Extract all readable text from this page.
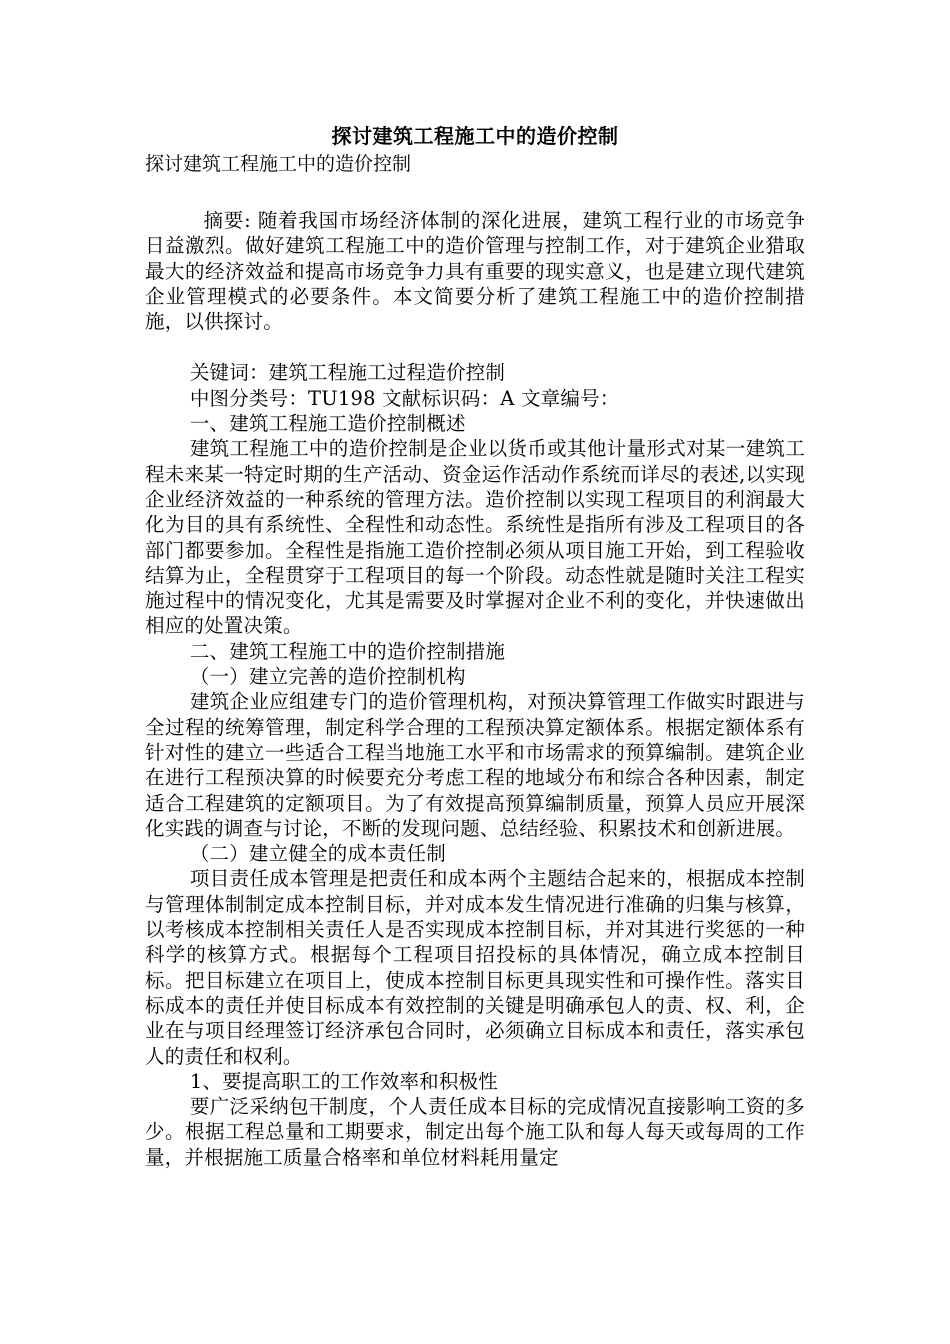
探讨建筑工程施工中的造价控制

探讨建筑工程施工中的造价控制

摘要: 随着我国市场经济体制的深化进展，建筑工程行业的市场竞争日益激烈。做好建筑工程施工中的造价管理与控制工作，对于建筑企业猎取最大的经济效益和提高市场竞争力具有重要的现实意义，也是建立现代建筑企业管理模式的必要条件。本文简要分析了建筑工程施工中的造价控制措施，以供探讨。

关键词：建筑工程施工过程造价控制

中图分类号：TU198 文献标识码：A 文章编号：

一、建筑工程施工造价控制概述

建筑工程施工中的造价控制是企业以货币或其他计量形式对某一建筑工程未来某一特定时期的生产活动、资金运作活动作系统而详尽的表述,以实现企业经济效益的一种系统的管理方法。造价控制以实现工程项目的利润最大化为目的具有系统性、全程性和动态性。系统性是指所有涉及工程项目的各部门都要参加。全程性是指施工造价控制必须从项目施工开始，到工程验收结算为止，全程贯穿于工程项目的每一个阶段。动态性就是随时关注工程实施过程中的情况变化，尤其是需要及时掌握对企业不利的变化，并快速做出相应的处置决策。

二、建筑工程施工中的造价控制措施

（一）建立完善的造价控制机构

建筑企业应组建专门的造价管理机构，对预决算管理工作做实时跟进与全过程的统筹管理，制定科学合理的工程预决算定额体系。根据定额体系有针对性的建立一些适合工程当地施工水平和市场需求的预算编制。建筑企业在进行工程预决算的时候要充分考虑工程的地域分布和综合各种因素，制定适合工程建筑的定额项目。为了有效提高预算编制质量，预算人员应开展深化实践的调查与讨论，不断的发现问题、总结经验、积累技术和创新进展。

（二）建立健全的成本责任制

项目责任成本管理是把责任和成本两个主题结合起来的，根据成本控制与管理体制制定成本控制目标，并对成本发生情况进行准确的归集与核算，以考核成本控制相关责任人是否实现成本控制目标，并对其进行奖惩的一种科学的核算方式。根据每个工程项目招投标的具体情况，确立成本控制目标。把目标建立在项目上，使成本控制目标更具现实性和可操作性。落实目标成本的责任并使目标成本有效控制的关键是明确承包人的责、权、利，企业在与项目经理签订经济承包合同时，必须确立目标成本和责任，落实承包人的责任和权利。

1、要提高职工的工作效率和积极性

要广泛采纳包干制度，个人责任成本目标的完成情况直接影响工资的多少。根据工程总量和工期要求，制定出每个施工队和每人每天或每周的工作量，并根据施工质量合格率和单位材料耗用量定
